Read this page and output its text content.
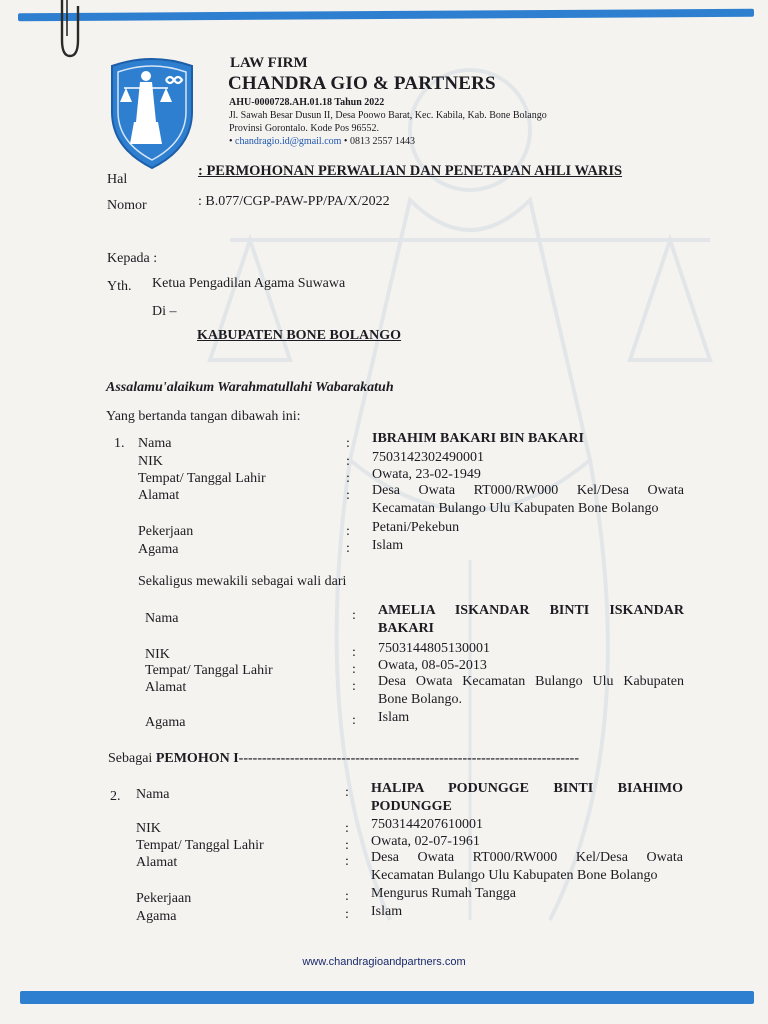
LAW FIRM
CHANDRA GIO & PARTNERS
AHU-0000728.AH.01.18 Tahun 2022
Jl. Sawah Besar Dusun II, Desa Poowo Barat, Kec. Kabila, Kab. Bone Bolango
Provinsi Gorontalo. Kode Pos 96552.
• chandragio.id@gmail.com • 0813 2557 1443
Hal
: PERMOHONAN PERWALIAN DAN PENETAPAN AHLI WARIS
Nomor	: B.077/CGP-PAW-PP/PA/X/2022
Kepada :
Yth. Ketua Pengadilan Agama Suwawa
Di –
KABUPATEN BONE BOLANGO
Assalamu'alaikum Warahmatullahi Wabarakatuh
Yang bertanda tangan dibawah ini:
1. Nama	: IBRAHIM BAKARI BIN BAKARI
NIK	: 7503142302490001
Tempat/ Tanggal Lahir	: Owata, 23-02-1949
Alamat	: Desa Owata RT000/RW000 Kel/Desa Owata Kecamatan Bulango Ulu Kabupaten Bone Bolango
Pekerjaan	: Petani/Pekebun
Agama	: Islam
Sekaligus mewakili sebagai wali dari
Nama	: AMELIA ISKANDAR BINTI ISKANDAR BAKARI
NIK	: 7503144805130001
Tempat/ Tanggal Lahir	: Owata, 08-05-2013
Alamat	: Desa Owata Kecamatan Bulango Ulu Kabupaten Bone Bolango.
Agama	: Islam
Sebagai PEMOHON I-------------------------------------------------------------------------
2. Nama	: HALIPA PODUNGGE BINTI BIAHIMO PODUNGGE
NIK	: 7503144207610001
Tempat/ Tanggal Lahir	: Owata, 02-07-1961
Alamat	: Desa Owata RT000/RW000 Kel/Desa Owata Kecamatan Bulango Ulu Kabupaten Bone Bolango
Pekerjaan	: Mengurus Rumah Tangga
Agama	: Islam
www.chandragioandpartners.com
